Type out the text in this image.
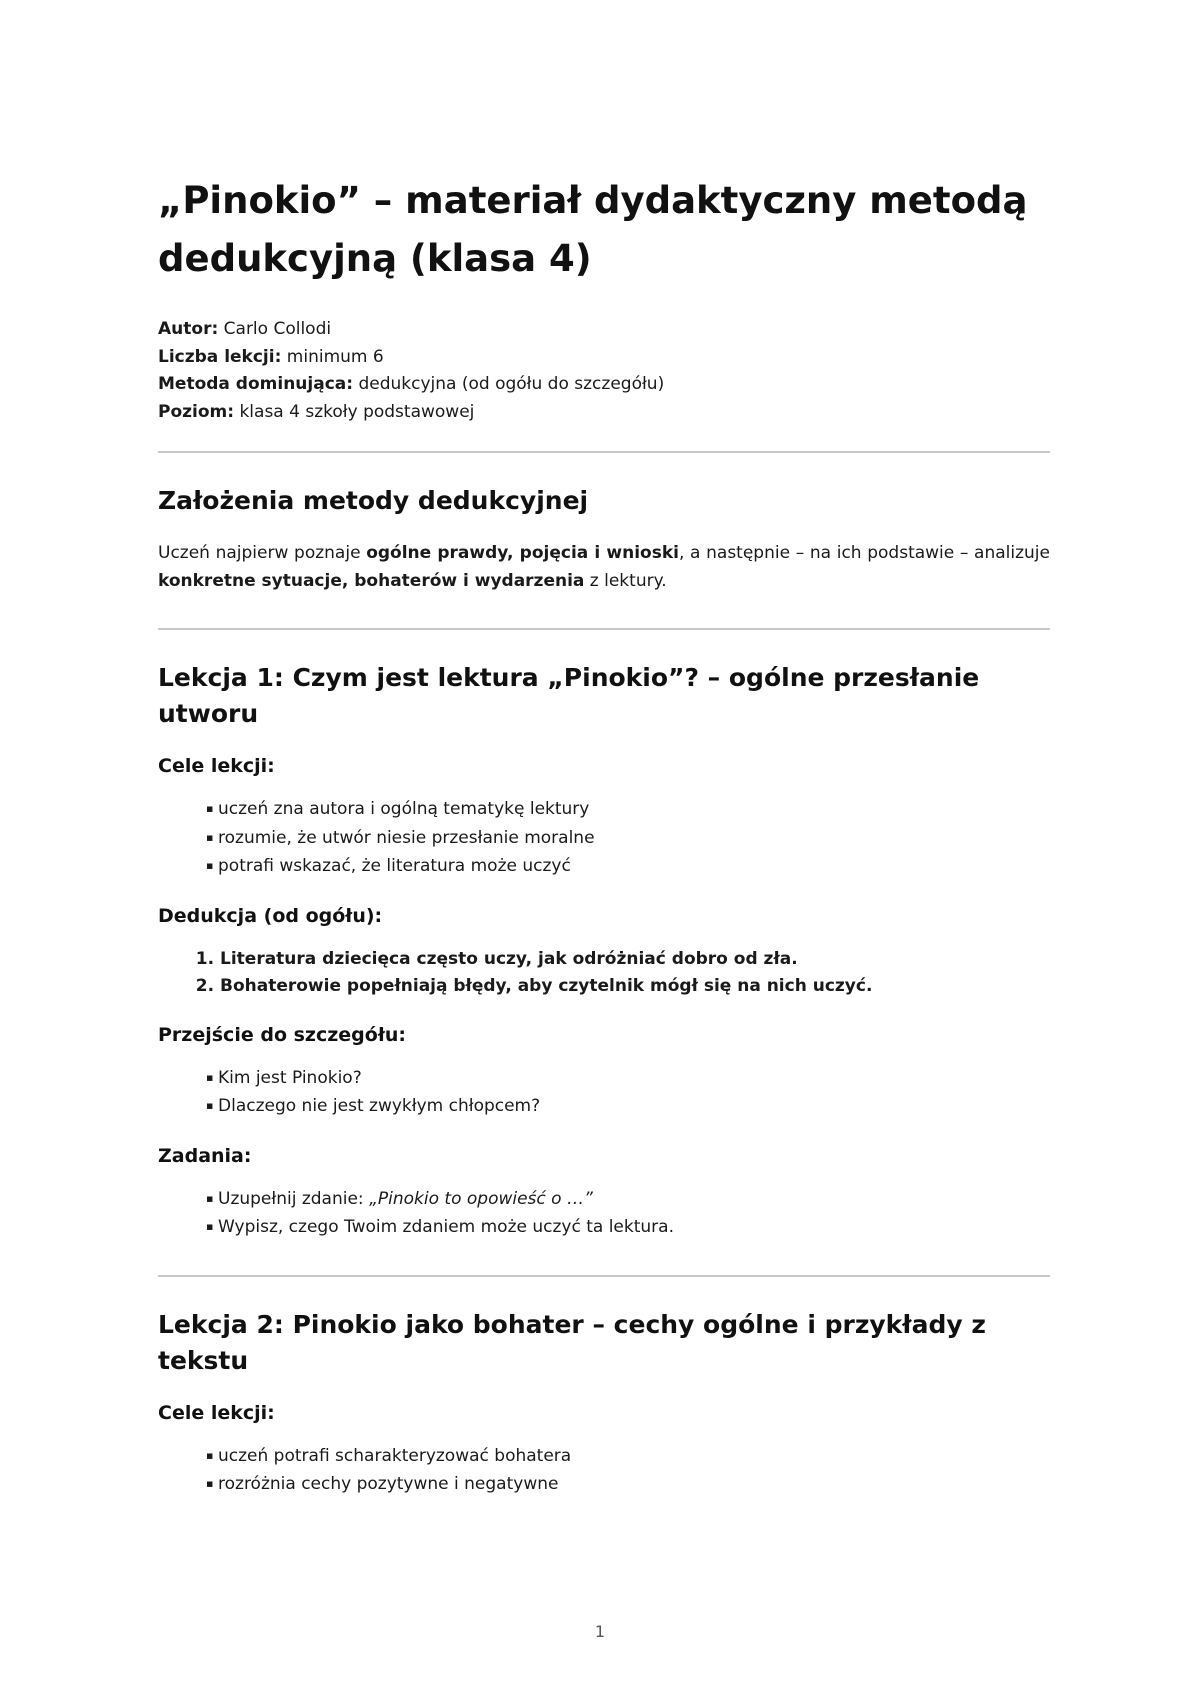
„Pinokio” – materiał dydaktyczny metodą dedukcyjną (klasa 4)

Autor: Carlo Collodi

Liczba lekcji: minimum 6

Metoda dominująca: dedukcyjna (od ogółu do szczegółu)

Poziom: klasa 4 szkoły podstawowej

Założenia metody dedukcyjnej

Uczeń najpierw poznaje ogólne prawdy, pojęcia i wnioski, a następnie – na ich podstawie – analizuje konkretne sytuacje, bohaterów i wydarzenia z lektury.

Lekcja 1: Czym jest lektura „Pinokio”? – ogólne przesłanie utworu
Cele lekcji:
▪ uczeń zna autora i ogólną tematykę lektury
▪ rozumie, że utwór niesie przesłanie moralne
▪ potrafi wskazać, że literatura może uczyć
Dedukcja (od ogółu):
1. Literatura dziecięca często uczy, jak odróżniać dobro od zła.
2. Bohaterowie popełniają błędy, aby czytelnik mógł się na nich uczyć.
Przejście do szczegółu:
▪ Kim jest Pinokio?
▪ Dlaczego nie jest zwykłym chłopcem?
Zadania:
▪ Uzupełnij zdanie: „Pinokio to opowieść o …”
▪ Wypisz, czego Twoim zdaniem może uczyć ta lektura.
Lekcja 2: Pinokio jako bohater – cechy ogólne i przykłady z tekstu
Cele lekcji:
▪ uczeń potrafi scharakteryzować bohatera
▪ rozróżnia cechy pozytywne i negatywne
1
